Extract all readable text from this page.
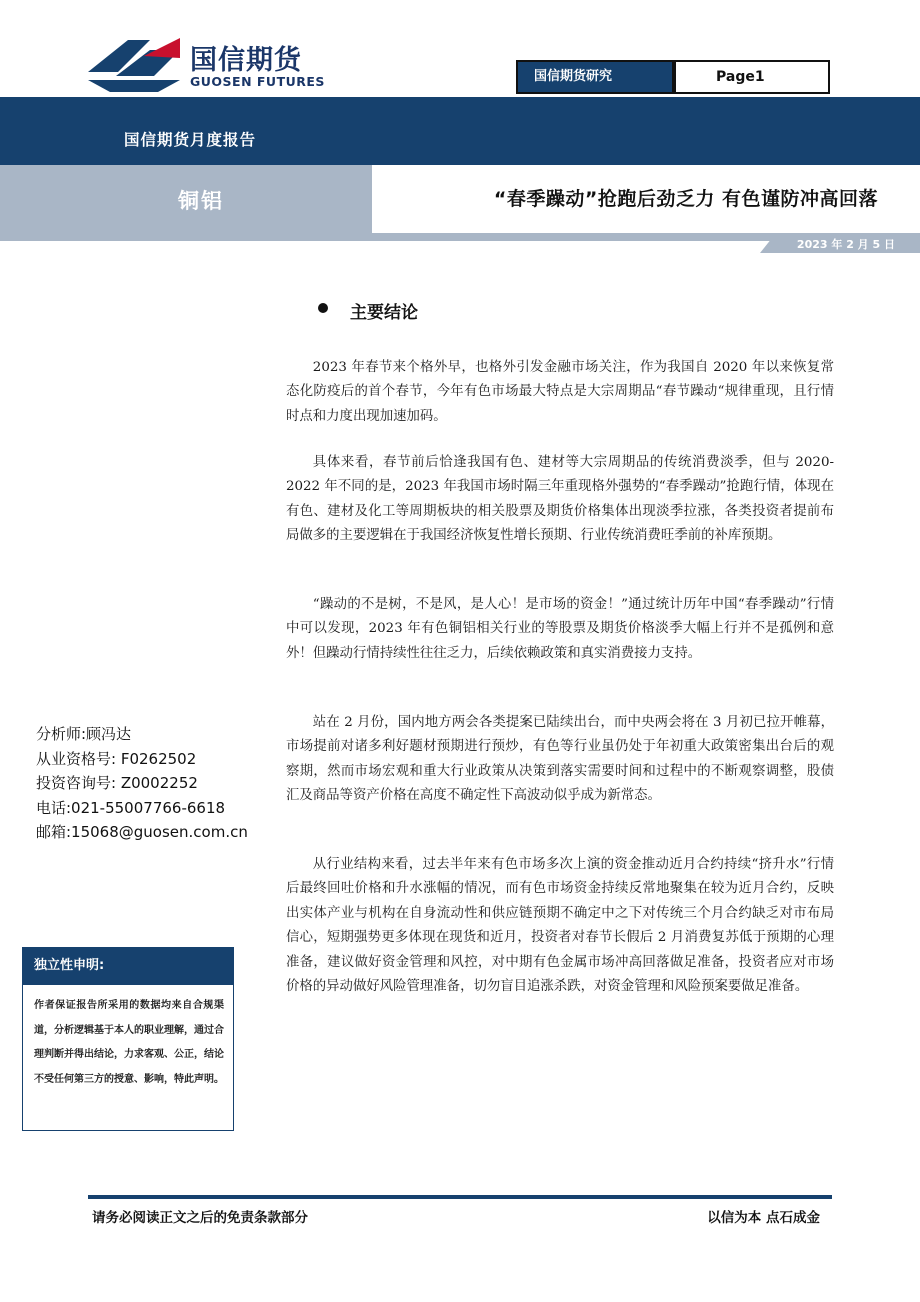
国信期货
GUOSEN FUTURES	国信期货研究	Page1
国信期货月度报告
铜铝	“春季躁动”抢跑后劲乏力 有色谨防冲高回落
2023 年 2 月 5 日
主要结论
2023 年春节来个格外早，也格外引发金融市场关注，作为我国自 2020 年以来恢复常态化防疫后的首个春节，今年有色市场最大特点是大宗周期品“春节躁动“规律重现，且行情时点和力度出现加速加码。
具体来看，春节前后恰逢我国有色、建材等大宗周期品的传统消费淡季，但与 2020-2022 年不同的是，2023 年我国市场时隔三年重现格外强势的“春季躁动”抢跑行情，体现在有色、建材及化工等周期板块的相关股票及期货价格集体出现淡季拉涨，各类投资者提前布局做多的主要逻辑在于我国经济恢复性增长预期、行业传统消费旺季前的补库预期。
“躁动的不是树，不是风，是人心！是市场的资金！”通过统计历年中国“春季躁动”行情中可以发现，2023 年有色铜铝相关行业的等股票及期货价格淡季大幅上行并不是孤例和意外！但躁动行情持续性往往乏力，后续依赖政策和真实消费接力支持。
站在 2 月份，国内地方两会各类提案已陆续出台，而中央两会将在 3 月初已拉开帷幕，市场提前对诸多利好题材预期进行预炒，有色等行业虽仍处于年初重大政策密集出台后的观察期，然而市场宏观和重大行业政策从决策到落实需要时间和过程中的不断观察调整，股债汇及商品等资产价格在高度不确定性下高波动似乎成为新常态。
从行业结构来看，过去半年来有色市场多次上演的资金推动近月合约持续“挤升水”行情后最终回吐价格和升水涨幅的情况，而有色市场资金持续反常地聚集在较为近月合约，反映出实体产业与机构在自身流动性和供应链预期不确定中之下对传统三个月合约缺乏对市布局信心，短期强势更多体现在现货和近月，投资者对春节长假后 2 月消费复苏低于预期的心理准备，建议做好资金管理和风控，对中期有色金属市场冲高回落做足准备，投资者应对市场价格的异动做好风险管理准备，切勿盲目追涨杀跌，对资金管理和风险预案要做足准备。
分析师:顾冯达
从业资格号: F0262502
投资咨询号: Z0002252
电话:021-55007766-6618
邮箱:15068@guosen.com.cn
独立性申明:
作者保证报告所采用的数据均来自合规渠道，分析逻辑基于本人的职业理解，通过合理判断并得出结论，力求客观、公正，结论不受任何第三方的授意、影响，特此声明。
请务必阅读正文之后的免责条款部分	以信为本 点石成金
